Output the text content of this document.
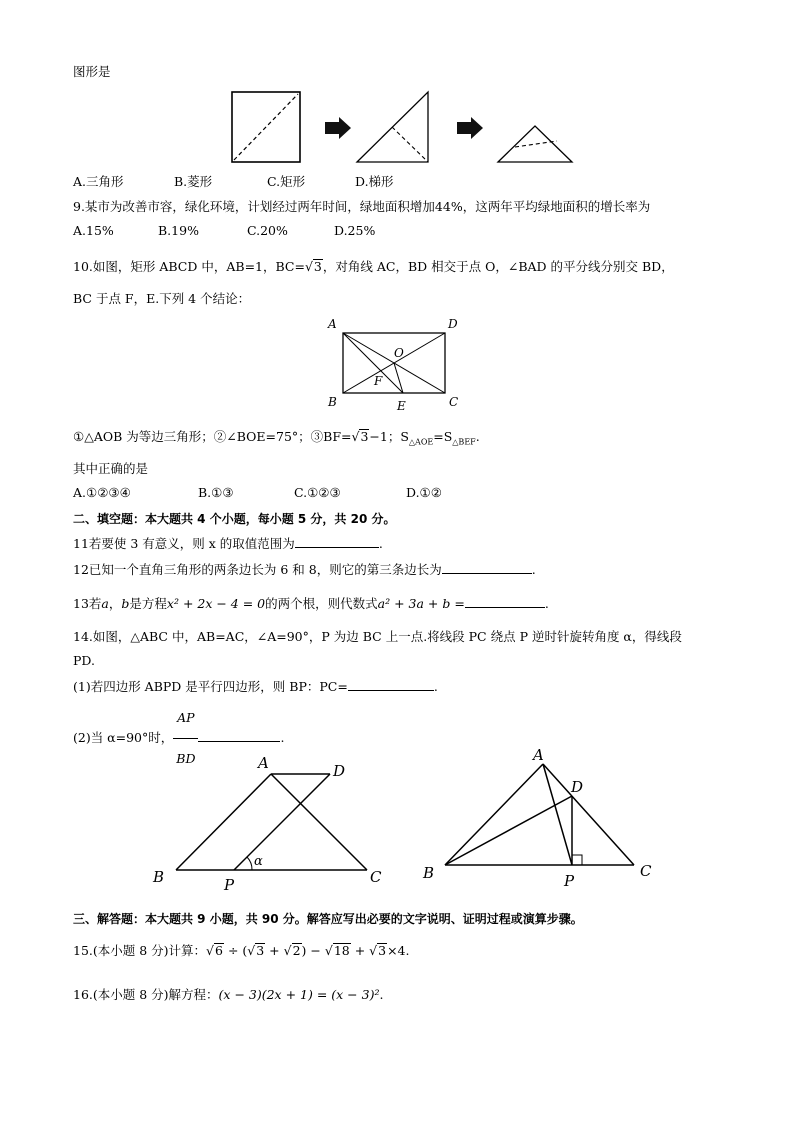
图形是
A.三角形	B.菱形	C.矩形	D.梯形
9.某市为改善市容，绿化环境，计划经过两年时间，绿地面积增加44%，这两年平均绿地面积的增长率为
A.15%	B.19%	C.20%	D.25%
10.如图，矩形 ABCD 中，AB=1，BC=√3，对角线 AC，BD 相交于点 O，∠BAD 的平分线分别交 BD，
BC 于点 F，E.下列 4 个结论：
A	D
O
F
B	E	C
①△AOB 为等边三角形；②∠BOE=75°；③BF=√3−1；$S_{\triangle AOE}=S_{\triangle BEF}$.
其中正确的是
A.①②③④	B.①③	C.①②③	D.①②
二、填空题：本大题共 4 个小题，每小题 5 分，共 20 分。
11若要使 3 有意义，则 x 的取值范围为	.
12已知一个直角三角形的两条边长为 6 和 8，则它的第三条边长为	.
13若a，b是方程x² + 2x − 4 = 0的两个根，则代数式a² + 3a + b =	.
14.如图，△ABC 中，AB=AC，∠A=90°，P 为边 BC 上一点.将线段 PC 绕点 P 逆时针旋转角度 α，得线段
PD.
(1)若四边形 ABPD 是平行四边形，则 BP：PC=	.
(2)当 α=90°时， $\frac{AP}{BD}$	.
A	D
B	P	C
α
A
D
B	P
C
三、解答题：本大题共 9 小题，共 90 分。解答应写出必要的文字说明、证明过程或演算步骤。
15.(本小题 8 分)计算：√6 ÷ (√3 + √2) − √18 + √3×4.
16.(本小题 8 分)解方程：(x − 3)(2x + 1) = (x − 3)².
